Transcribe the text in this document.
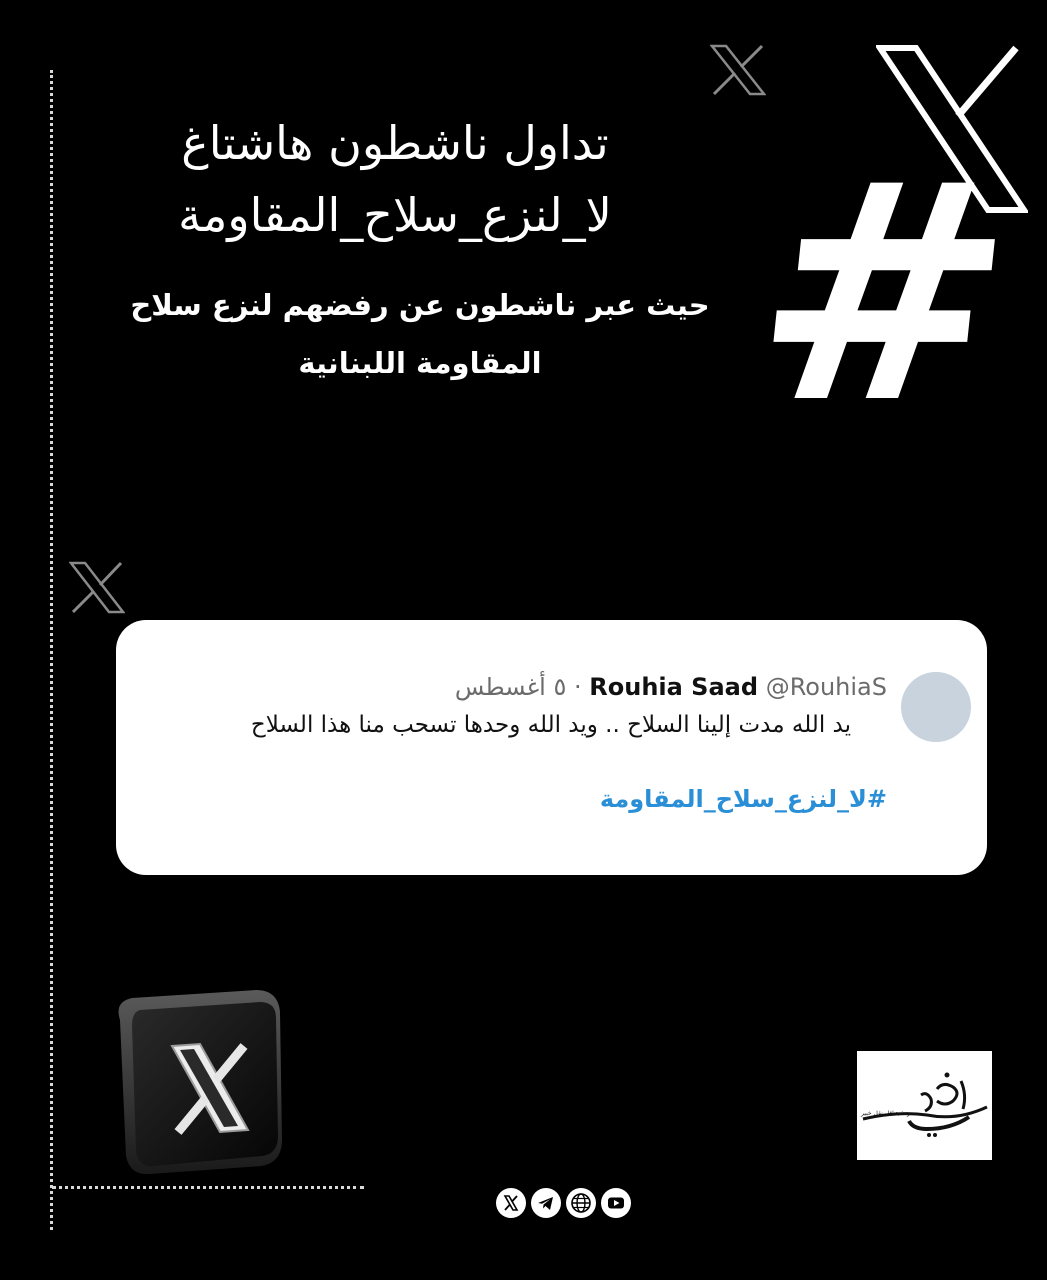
#
تداول ناشطون هاشتاغ
لا_لنزع_سلاح_المقاومة
حيث عبر ناشطون عن رفضهم لنزع سلاح
المقاومة اللبنانية
Rouhia Saad @RouhiaS · ٥ أغسطس
يد الله مدت إلينا السلاح .. ويد الله وحدها تسحب منا هذا السلاح
#لا_لنزع_سلاح_المقاومة
ردة بتناقل نقل خبير	خبيب
